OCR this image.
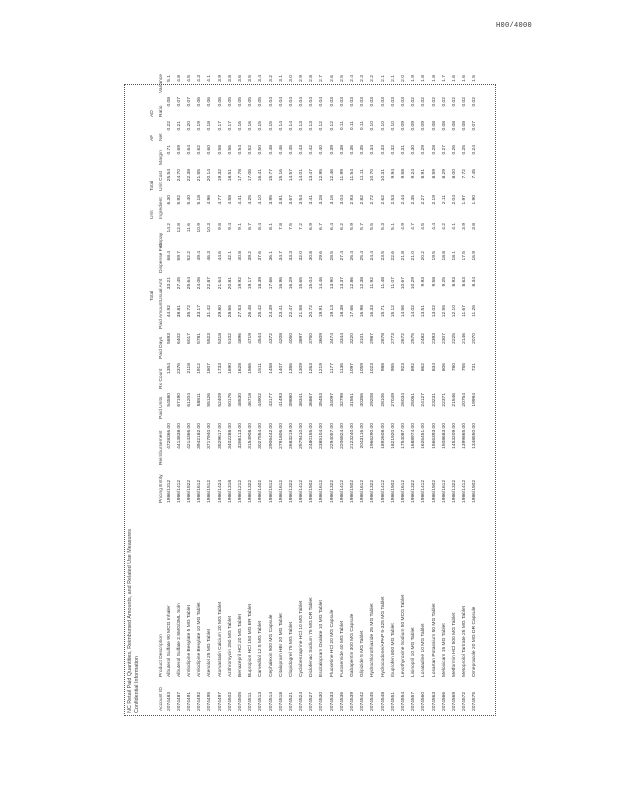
H00/4000
NC Retail Paid Quantities, Reimbursed Amounts, and Related Use Measures Confidential Information
								Total			Unit	Total		AF	AD		
Account ID	Product Description	Pricing Entity	Reimbursement	Paid Units	Rx Count	Paid Days	Paid Amount	Usual Amt	Dispense Fee	Copay	Ingredient	Unit Cost	Margin	Net	Ratio	Variance	
2074483	Albuterol Sulfate 90 MCG Inhaler	1986/1312	4728366.00	54580	1354	5893	44.92	33.21	68.4	14.2	6.30	25.54	0.71	0.22	0.08	5.1	
2074487	Albuterol Sulfate 2.5MG/3ML Soln	1986/1412	4413838.00	67190	2376	6402	38.81	27.45	59.7	12.8	5.92	24.70	0.69	0.21	0.07	4.8	
2074491	Amlodipine Besylate 5 MG Tablet	1986/1522	4214366.00	61204	2118	6017	35.72	25.64	52.2	11.6	5.40	22.38	0.64	0.20	0.07	4.5	
2074492	Amlodipine Besylate 10 MG Tablet	1986/1612	3942182.00	58811	1912	5781	33.17	24.06	49.4	10.9	5.18	21.55	0.62	0.19	0.06	4.3	
2074495	Atenolol 25 MG Tablet	1986/1512	3717940.00	55126	1807	5523	31.42	22.87	46.3	10.3	4.96	20.14	0.60	0.18	0.06	4.1	
2074497	Atorvastatin Calcium 20 MG Tablet	1986/1424	3529617.00	52409	1733	5318	29.80	21.64	44.6	9.8	4.77	19.32	0.58	0.17	0.06	3.9	
2074502	Azithromycin 250 MG Tablet	1986/1318	3402288.00	50176	1690	5102	28.66	20.81	42.1	9.4	4.58	18.51	0.56	0.17	0.05	3.8	
2074505	Benazepril HCl 20 MG Tablet	1986/1212	3286113.00	48530	1628	4896	27.53	19.92	40.8	9.1	4.41	17.78	0.54	0.16	0.05	3.6	
2074511	Bupropion HCl 150 MG ER Tablet	1986/1322	3154908.00	46718	1566	4719	26.48	19.17	39.2	8.7	4.25	17.06	0.52	0.16	0.05	3.5	
2074513	Carvedilol 12.5 MG Tablet	1986/1402	3027554.00	44902	1511	4544	25.42	18.39	37.6	8.4	4.10	16.41	0.50	0.15	0.05	3.4	
2074514	Cephalexin 500 MG Capsule	1986/1512	2906442.00	43177	1458	4372	24.39	17.66	36.1	8.1	3.95	15.77	0.48	0.15	0.04	3.2	
2074518	Citalopram HBr 20 MG Tablet	1986/1612	2791806.00	41493	1407	4208	23.41	16.96	34.7	7.8	3.81	15.16	0.46	0.14	0.04	3.1	
2074521	Clopidogrel 75 MG Tablet	1986/1322	2683219.00	39880	1356	4050	22.47	16.29	33.3	7.5	3.67	14.57	0.45	0.14	0.04	3.0	
2074524	Cyclobenzaprine HCl 10 MG Tablet	1986/1412	2579410.00	38341	1309	3897	21.58	15.65	32.0	7.2	3.54	14.01	0.43	0.13	0.04	2.9	
2074527	Diclofenac Sodium 75 MG DR Tablet	1986/1502	2480155.00	36867	1263	3750	20.72	15.04	30.8	6.9	3.41	13.47	0.42	0.13	0.04	2.8	
2074530	Escitalopram Oxalate 10 MG Tablet	1986/1612	2385104.00	35453	1219	3609	19.91	14.46	29.6	6.7	3.28	12.95	0.40	0.12	0.04	2.7	
2074533	Fluoxetine HCl 20 MG Capsule	1986/1322	2294057.00	34097	1177	3474	19.13	13.90	28.5	6.4	3.16	12.46	0.39	0.12	0.03	2.6	
2074536	Furosemide 40 MG Tablet	1986/1412	2206824.00	32798	1136	3344	18.38	13.37	27.4	6.2	3.04	11.99	0.38	0.11	0.03	2.5	
2074539	Gabapentin 300 MG Capsule	1986/1502	2123240.00	31551	1097	3220	17.66	12.86	26.4	5.9	2.93	11.54	0.36	0.11	0.03	2.4	
2074542	Glipizide 5 MG Tablet	1986/1612	2043116.00	30356	1059	3101	16.98	12.38	25.4	5.7	2.82	11.11	0.35	0.11	0.03	2.3	
2074545	Hydrochlorothiazide 25 MG Tablet	1986/1322	1966290.00	29208	1023	2987	16.33	11.92	24.4	5.5	2.72	10.70	0.34	0.10	0.03	2.2	
2074548	Hydrocodone/APAP 5-325 MG Tablet	1986/1412	1892608.00	28106	988	2878	15.71	11.48	23.5	5.3	2.62	10.31	0.33	0.10	0.03	2.1	
2074551	Ibuprofen 800 MG Tablet	1986/1502	1821920.00	27049	955	2773	15.12	11.07	22.6	5.1	2.53	9.94	0.32	0.10	0.03	2.1	
2074554	Levothyroxine Sodium 50 MCG Tablet	1986/1612	1754087.00	26034	923	2672	14.56	10.67	21.8	4.9	2.44	9.58	0.31	0.09	0.03	2.0	
2074557	Lisinopril 10 MG Tablet	1986/1322	1688974.00	25061	892	2575	14.02	10.29	21.0	4.7	2.35	9.24	0.30	0.09	0.02	1.9	
2074560	Loratadine 10 MG Tablet	1986/1412	1626451.00	24127	862	2482	13.51	9.93	20.2	4.5	2.27	8.91	0.29	0.09	0.02	1.8	
2074563	Losartan Potassium 50 MG Tablet	1986/1502	1566393.00	23231	834	2393	13.02	9.58	19.5	4.4	2.19	8.59	0.28	0.08	0.02	1.8	
2074566	Meloxicam 15 MG Tablet	1986/1612	1508683.00	22371	806	2307	12.55	9.25	18.8	4.2	2.11	8.29	0.27	0.08	0.02	1.7	
2074569	Metformin HCl 500 MG Tablet	1986/1322	1453209.00	21546	780	2225	12.10	8.93	18.1	4.1	2.04	8.00	0.26	0.08	0.02	1.6	
2074572	Metoprolol Tartrate 25 MG Tablet	1986/1412	1399865.00	20754	755	2146	11.67	8.63	17.5	3.9	1.97	7.72	0.25	0.08	0.02	1.6	
2074575	Omeprazole 20 MG DR Capsule	1986/1502	1348550.00	19994	731	2070	11.26	8.34	16.9	3.8	1.90	7.45	0.24	0.07	0.02	1.5	
